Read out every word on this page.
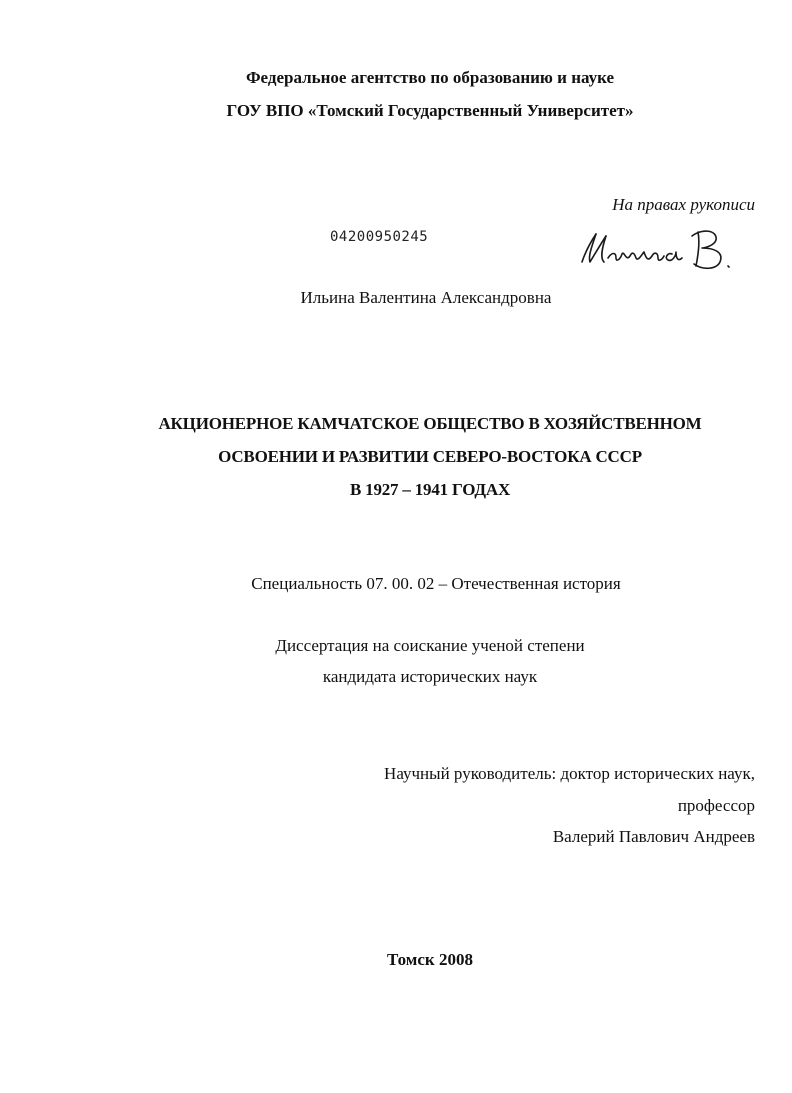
Федеральное агентство по образованию и науке
ГОУ ВПО «Томский Государственный Университет»
На правах рукописи
04200950245
Ильина Валентина Александровна
АКЦИОНЕРНОЕ КАМЧАТСКОЕ ОБЩЕСТВО В ХОЗЯЙСТВЕННОМ
ОСВОЕНИИ И РАЗВИТИИ СЕВЕРО-ВОСТОКА СССР
В 1927 – 1941 ГОДАХ
Специальность 07. 00. 02 – Отечественная история
Диссертация на соискание ученой степени
кандидата исторических наук
Научный руководитель: доктор исторических наук,
профессор
Валерий Павлович Андреев
Томск 2008
